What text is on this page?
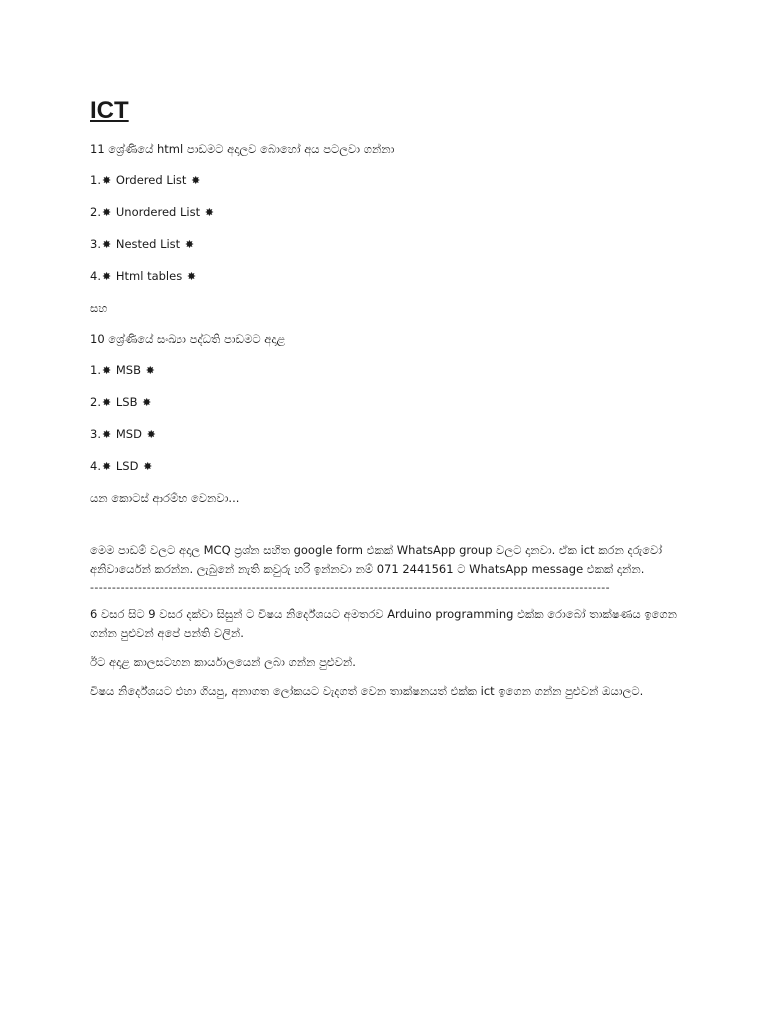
ICT

11 ශ්‍රේණියේ html පාඩමට අදාලව බොහෝ අය පටලවා ගන්නා

1.✸ Ordered List ✸

2.✸ Unordered List ✸

3.✸ Nested List ✸

4.✸ Html tables ✸

සහ

10 ශ්‍රේණියේ සංඛ්‍යා පද්ධති පාඩමට අදාළ

1.✸ MSB ✸

2.✸ LSB ✸

3.✸ MSD ✸

4.✸ LSD ✸

යන කොටස් ආරම්භ වෙනවා...

මෙම පාඩම් වලට අදාල MCQ ප්‍රශ්න සහිත google form එකක් WhatsApp group වලට දානවා. ඒක ict කරන දරුවෝ අනිවාර්යෙන් කරන්න. ලැබුනේ නැති කවුරු හරි ඉන්නවා නම් 071 2441561 ට WhatsApp message එකක් දාන්න.

-----------------------------------------------------------------------------------------------------------------------

6 වසර සිට 9 වසර දක්වා සිසුන් ට විෂය නිර්දේශයට අමතරව Arduino programming එක්ක රොබෝ තාක්ෂණය ඉගෙන ගන්න පුළුවන් අපේ පන්ති වලින්.

ඊට අදාළ කාලසටහන කාර්යාලයෙන් ලබා ගන්න පුළුවන්.

විෂය නිර්දේශයට එහා ගියපු, අනාගත ලෝකයට වැදගත් වෙන තාක්ෂනයත් එක්ක ict ඉගෙන ගන්න පුළුවන් ඔයාලට.
